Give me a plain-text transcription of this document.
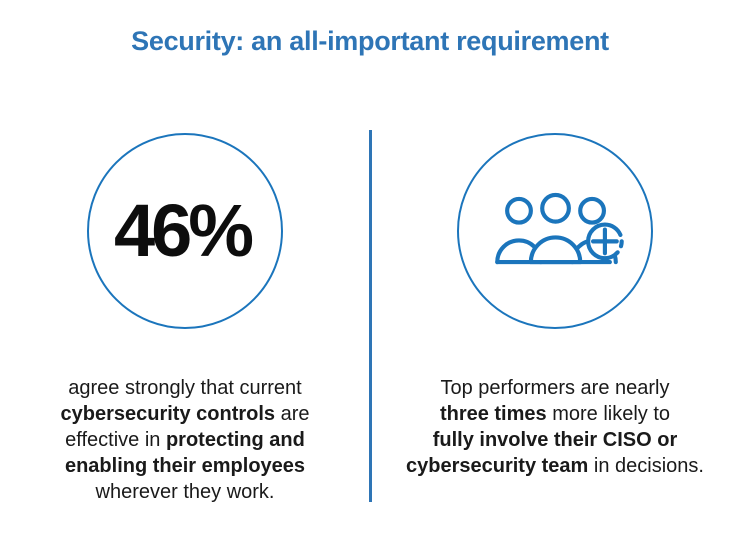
Security: an all-important requirement
46%
agree strongly that current
cybersecurity controls are
effective in protecting and
enabling their employees
wherever they work.
Top performers are nearly
three times more likely to
fully involve their CISO or
cybersecurity team in decisions.
